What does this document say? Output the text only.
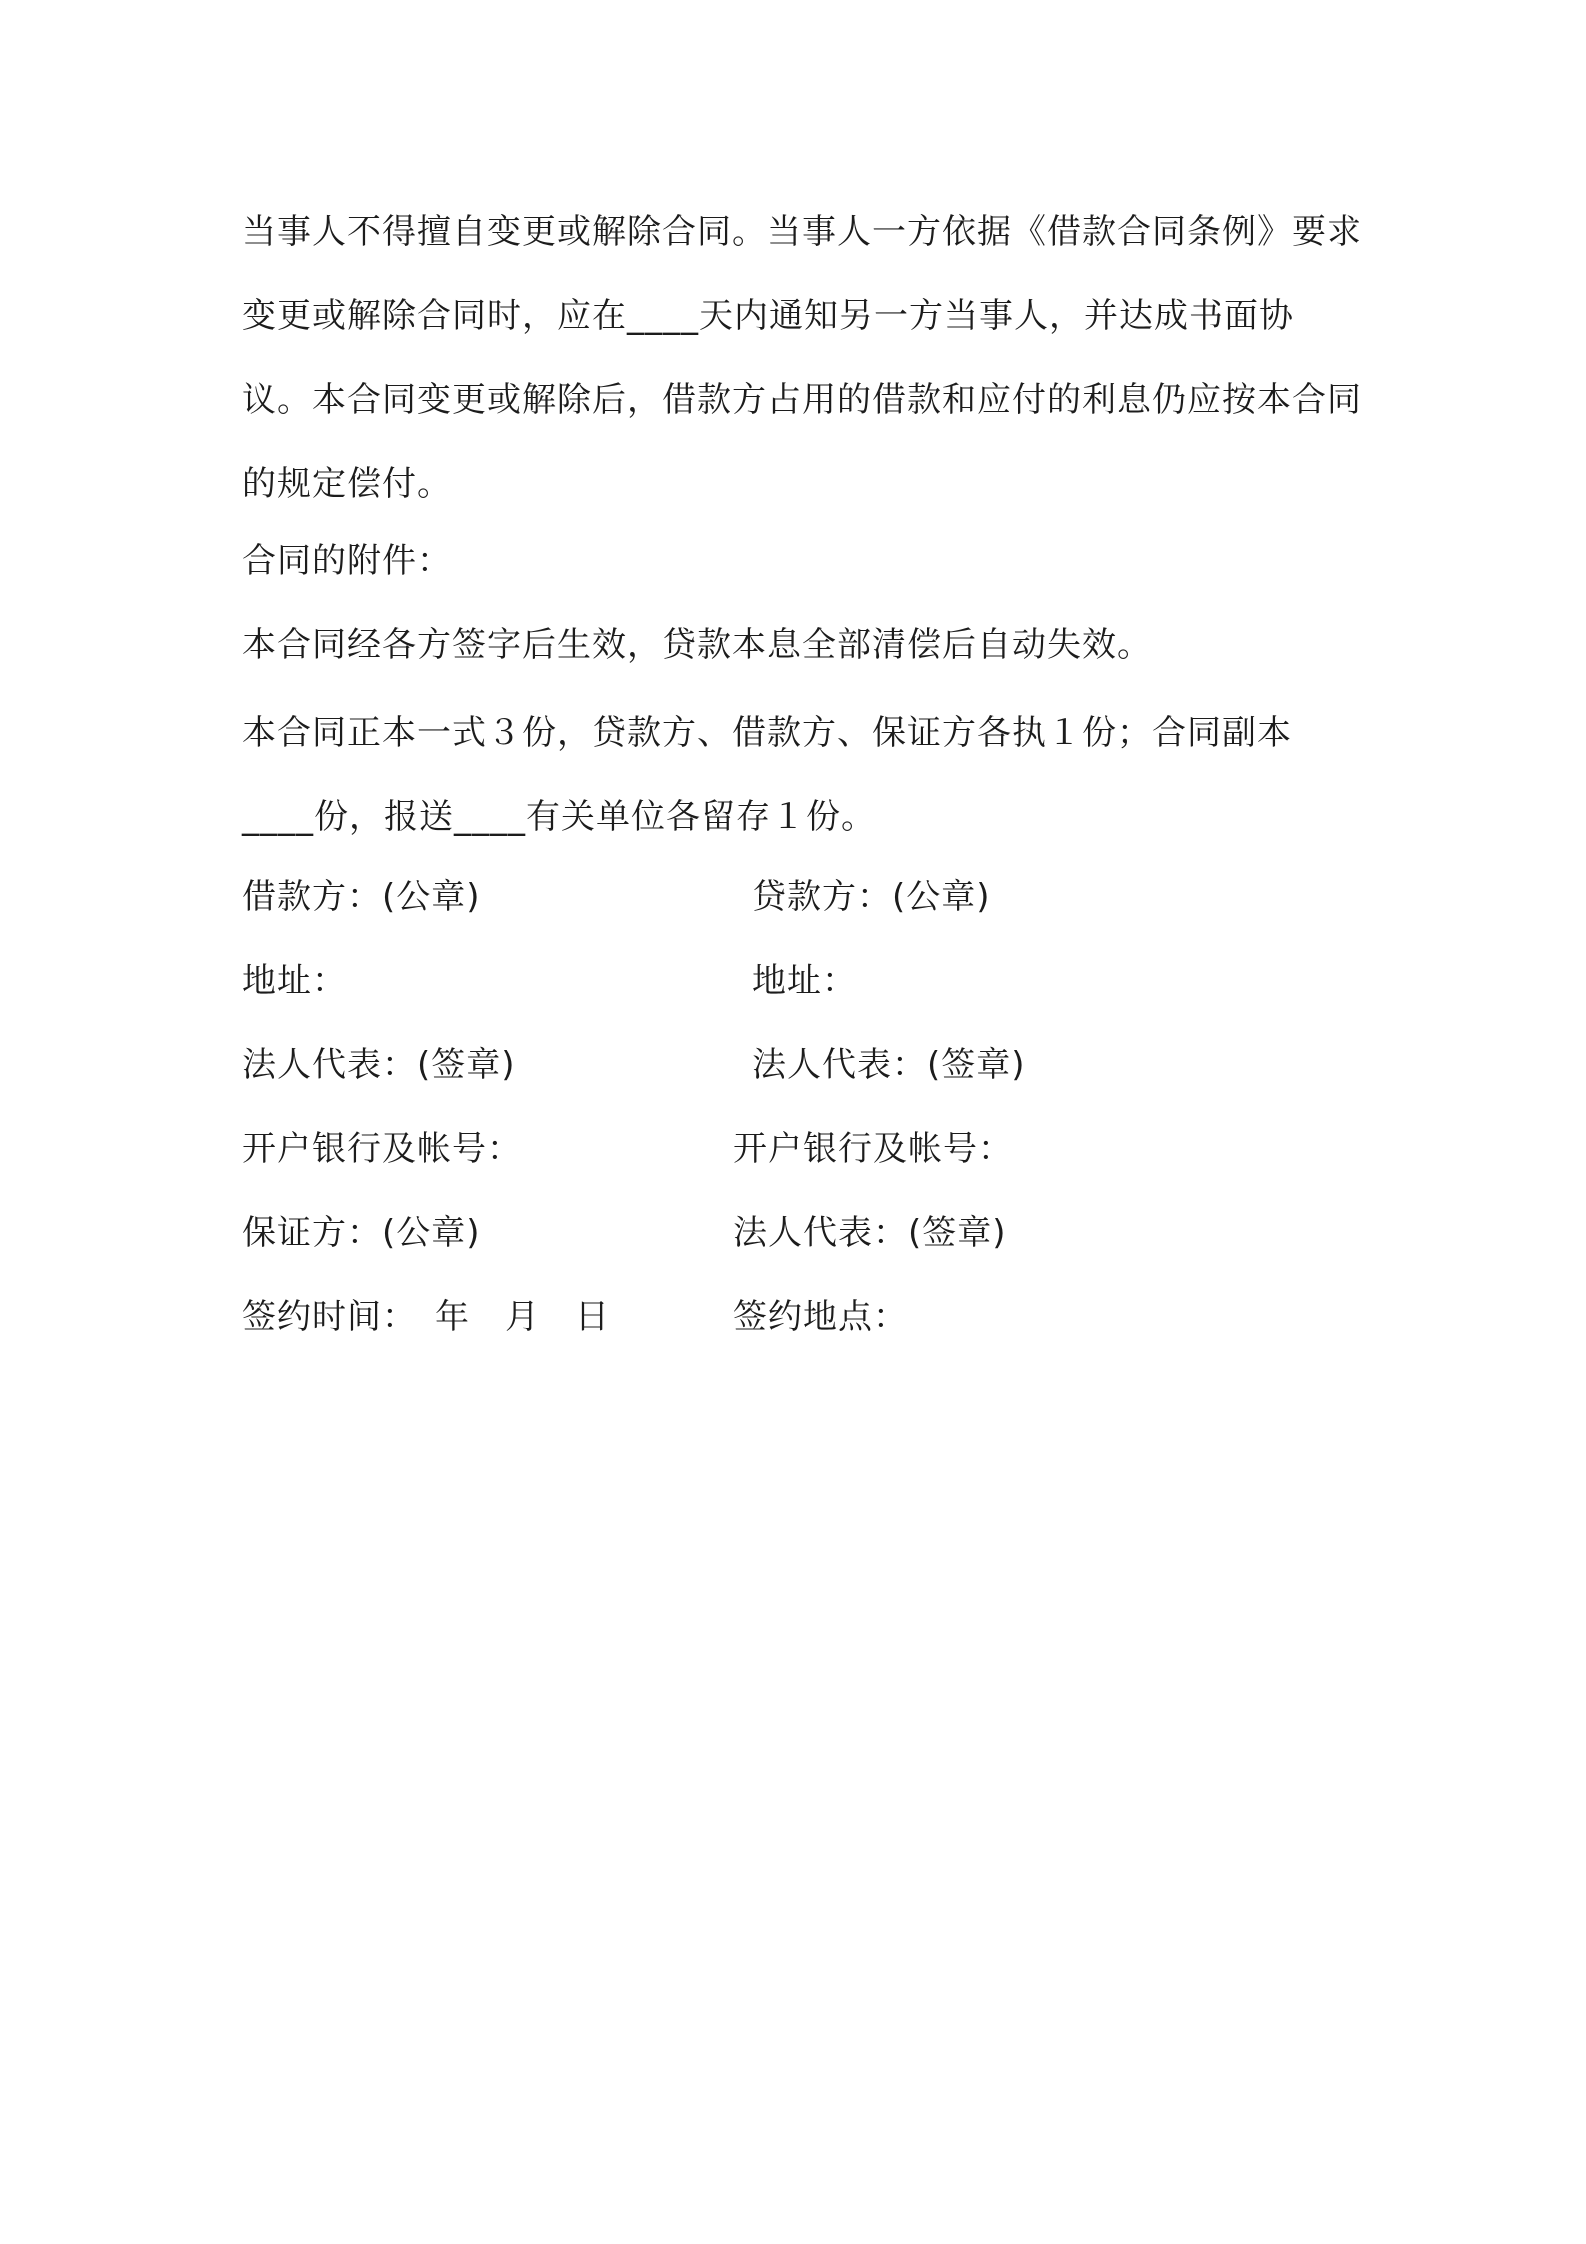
当事人不得擅自变更或解除合同。当事人一方依据《借款合同条例》要求变更或解除合同时，应在____天内通知另一方当事人，并达成书面协议。本合同变更或解除后，借款方占用的借款和应付的利息仍应按本合同的规定偿付。

合同的附件：
本合同经各方签字后生效，贷款本息全部清偿后自动失效。

本合同正本一式３份，贷款方、借款方、保证方各执１份；合同副本____份，报送____有关单位各留存１份。

借款方：(公章)	贷款方：(公章)
地址：	地址：
法人代表：(签章)	法人代表：(签章)
开户银行及帐号：	开户银行及帐号：
保证方：(公章)	法人代表：(签章)
签约时间：　年　月　日	签约地点：
